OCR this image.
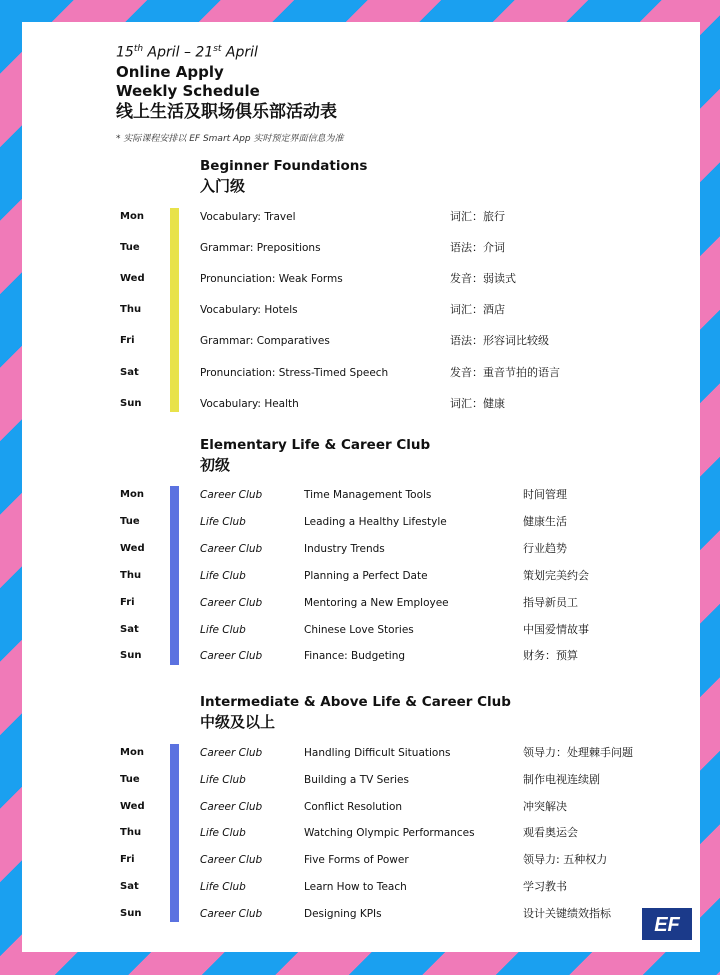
15th April – 21st April
Online Apply
Weekly Schedule
线上生活及职场俱乐部活动表
* 实际课程安排以 EF Smart App 实时预定界面信息为准
Beginner Foundations
入门级
Mon	Vocabulary: Travel	词汇：旅行
Tue	Grammar: Prepositions	语法：介词
Wed	Pronunciation: Weak Forms	发音：弱读式
Thu	Vocabulary: Hotels	词汇：酒店
Fri	Grammar: Comparatives	语法：形容词比较级
Sat	Pronunciation: Stress-Timed Speech	发音：重音节拍的语言
Sun	Vocabulary: Health	词汇：健康
Elementary Life & Career Club
初级
Mon	Career Club	Time Management Tools	时间管理
Tue	Life Club	Leading a Healthy Lifestyle	健康生活
Wed	Career Club	Industry Trends	行业趋势
Thu	Life Club	Planning a Perfect Date	策划完美约会
Fri	Career Club	Mentoring a New Employee	指导新员工
Sat	Life Club	Chinese Love Stories	中国爱情故事
Sun	Career Club	Finance: Budgeting	财务：预算
Intermediate & Above Life & Career Club
中级及以上
Mon	Career Club	Handling Difficult Situations	领导力：处理棘手问题
Tue	Life Club	Building a TV Series	制作电视连续剧
Wed	Career Club	Conflict Resolution	冲突解决
Thu	Life Club	Watching Olympic Performances	观看奥运会
Fri	Career Club	Five Forms of Power	领导力: 五种权力
Sat	Life Club	Learn How to Teach	学习教书
Sun	Career Club	Designing KPIs	设计关键绩效指标
EF
